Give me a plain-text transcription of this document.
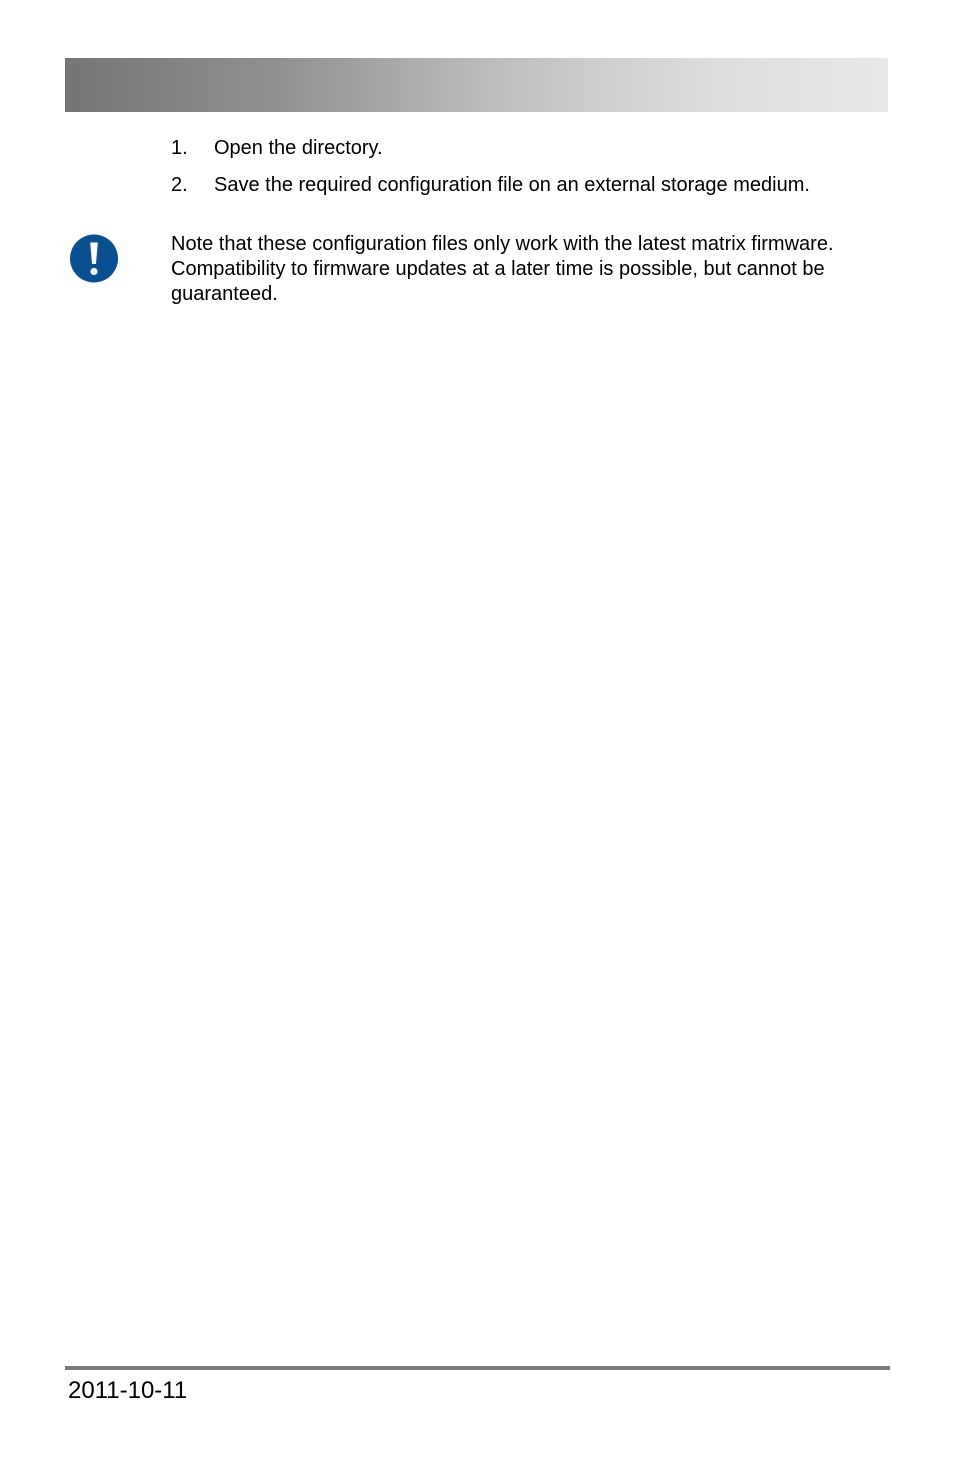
1. Open the directory.
2. Save the required configuration file on an external storage medium.

Note that these configuration files only work with the latest matrix firmware. Compatibility to firmware updates at a later time is possible, but cannot be guaranteed.

2011-10-11
